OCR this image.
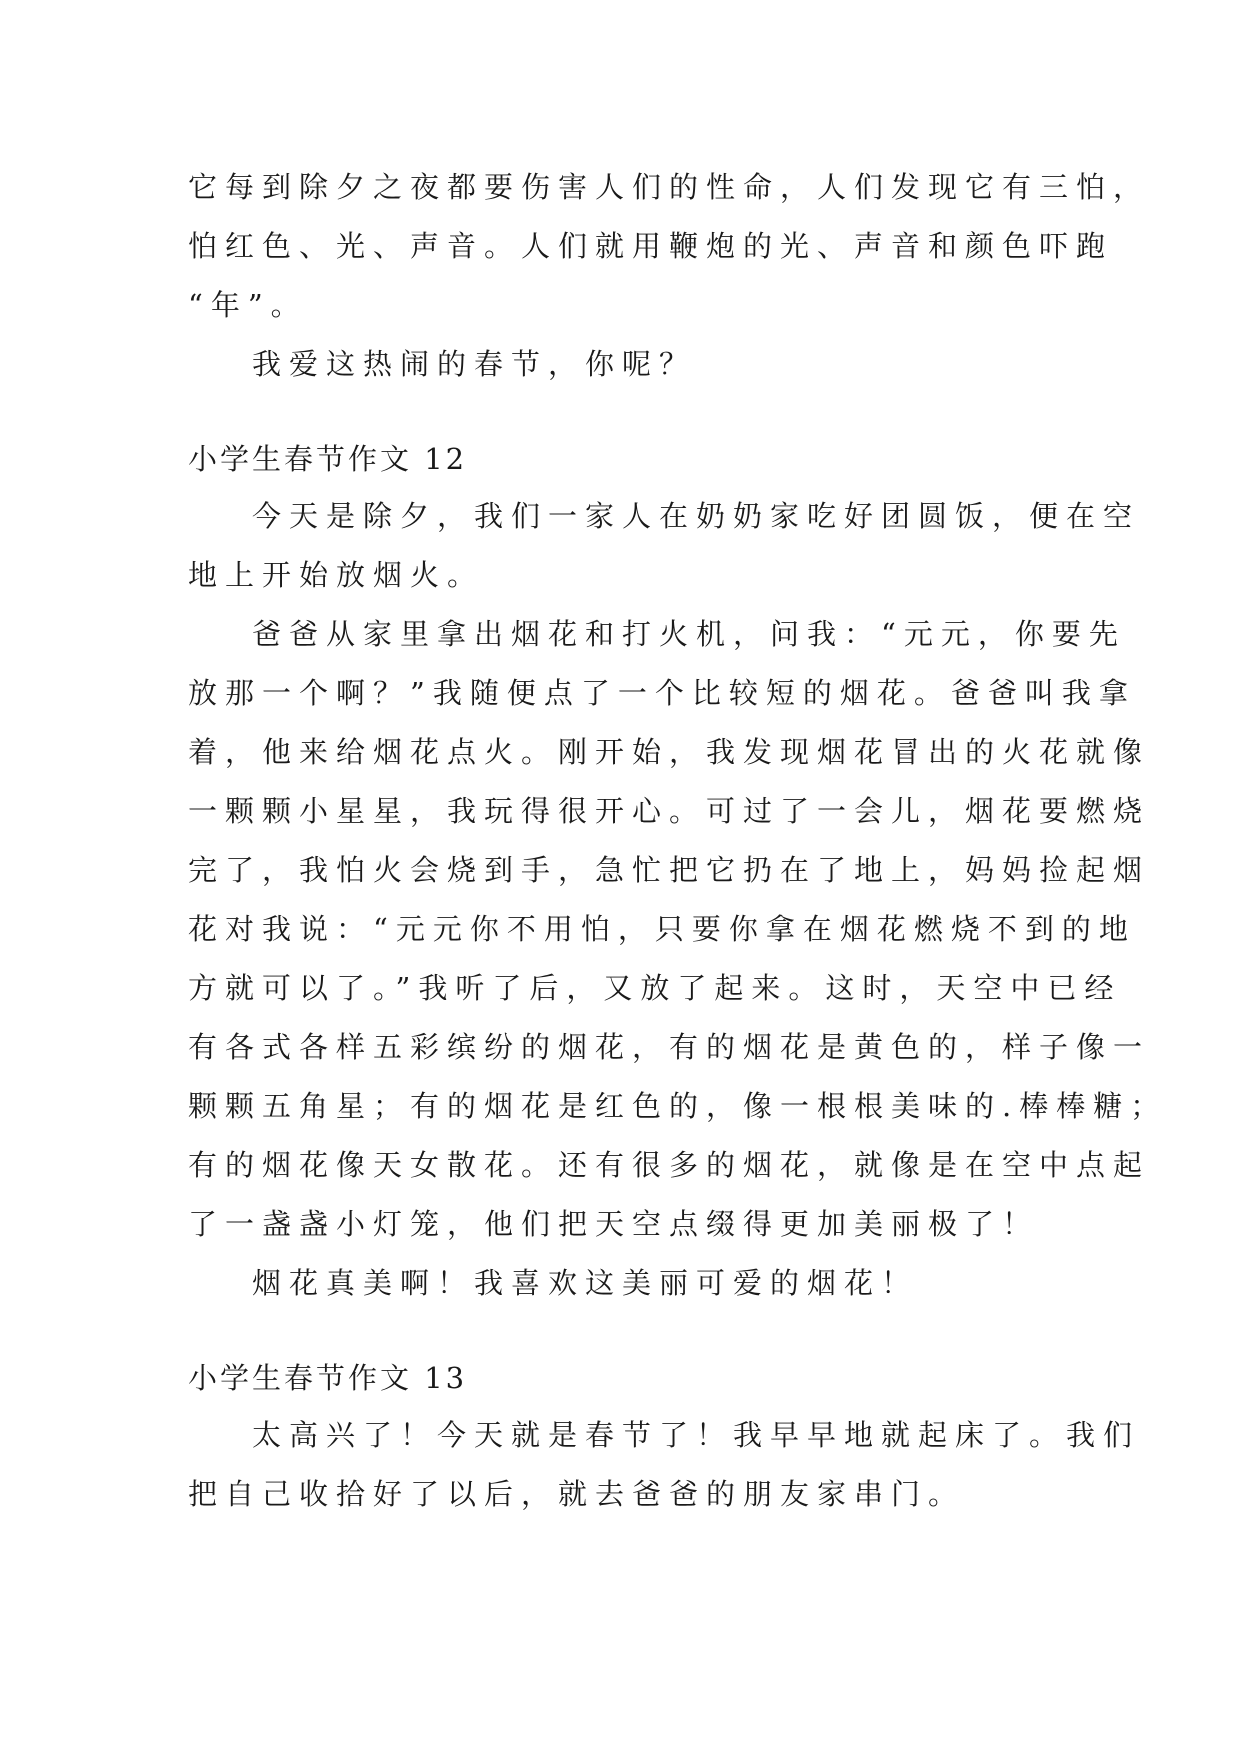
它每到除夕之夜都要伤害人们的性命，人们发现它有三怕，
怕红色、光、声音。人们就用鞭炮的光、声音和颜色吓跑
“年”。
我爱这热闹的春节，你呢？
小学生春节作文 12
今天是除夕，我们一家人在奶奶家吃好团圆饭，便在空
地上开始放烟火。
爸爸从家里拿出烟花和打火机，问我：“元元，你要先
放那一个啊？”我随便点了一个比较短的烟花。爸爸叫我拿
着，他来给烟花点火。刚开始，我发现烟花冒出的火花就像
一颗颗小星星，我玩得很开心。可过了一会儿，烟花要燃烧
完了，我怕火会烧到手，急忙把它扔在了地上，妈妈捡起烟
花对我说：“元元你不用怕，只要你拿在烟花燃烧不到的地
方就可以了。”我听了后，又放了起来。这时，天空中已经
有各式各样五彩缤纷的烟花，有的烟花是黄色的，样子像一
颗颗五角星；有的烟花是红色的，像一根根美味的.棒棒糖；
有的烟花像天女散花。还有很多的烟花，就像是在空中点起
了一盏盏小灯笼，他们把天空点缀得更加美丽极了！
烟花真美啊！我喜欢这美丽可爱的烟花！
小学生春节作文 13
太高兴了！今天就是春节了！我早早地就起床了。我们
把自己收拾好了以后，就去爸爸的朋友家串门。
